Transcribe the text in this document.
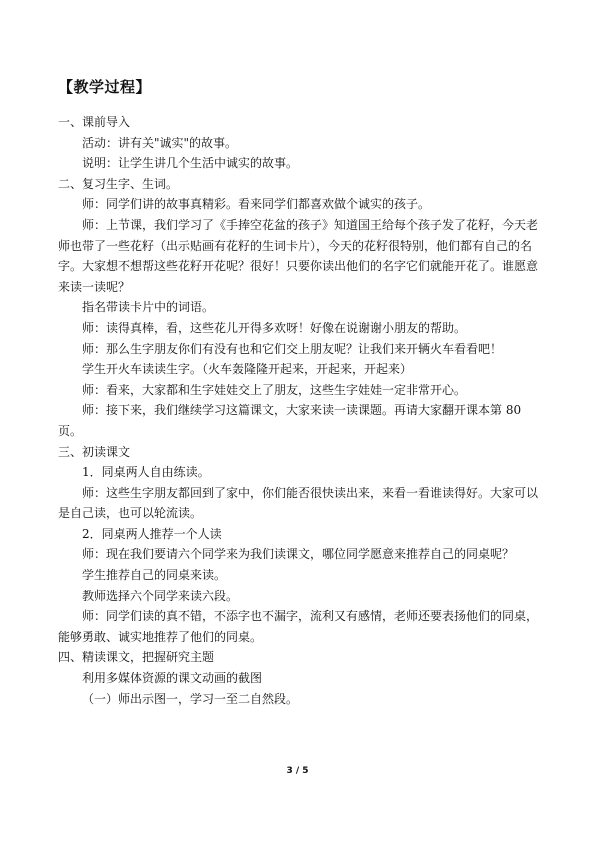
【教学过程】

一、课前导入

活动：讲有关"诚实"的故事。

说明：让学生讲几个生活中诚实的故事。

二、复习生字、生词。

师：同学们讲的故事真精彩。看来同学们都喜欢做个诚实的孩子。

师：上节课，我们学习了《手捧空花盆的孩子》知道国王给每个孩子发了花籽，今天老师也带了一些花籽（出示贴画有花籽的生词卡片），今天的花籽很特别，他们都有自己的名字。大家想不想帮这些花籽开花呢？很好！只要你读出他们的名字它们就能开花了。谁愿意来读一读呢？

指名带读卡片中的词语。

师：读得真棒，看，这些花儿开得多欢呀！好像在说谢谢小朋友的帮助。

师：那么生字朋友你们有没有也和它们交上朋友呢？让我们来开辆火车看看吧！

学生开火车读读生字。（火车轰隆隆开起来，开起来，开起来）

师：看来，大家都和生字娃娃交上了朋友，这些生字娃娃一定非常开心。

师：接下来，我们继续学习这篇课文，大家来读一读课题。再请大家翻开课本第 80 页。

三、初读课文

1．同桌两人自由练读。

师：这些生字朋友都回到了家中，你们能否很快读出来，来看一看谁读得好。大家可以是自己读，也可以轮流读。

2．同桌两人推荐一个人读

师：现在我们要请六个同学来为我们读课文，哪位同学愿意来推荐自己的同桌呢？

学生推荐自己的同桌来读。

教师选择六个同学来读六段。

师：同学们读的真不错，不添字也不漏字，流利又有感情，老师还要表扬他们的同桌，能够勇敢、诚实地推荐了他们的同桌。

四、精读课文，把握研究主题

利用多媒体资源的课文动画的截图

（一）师出示图一，学习一至二自然段。

3 / 5
